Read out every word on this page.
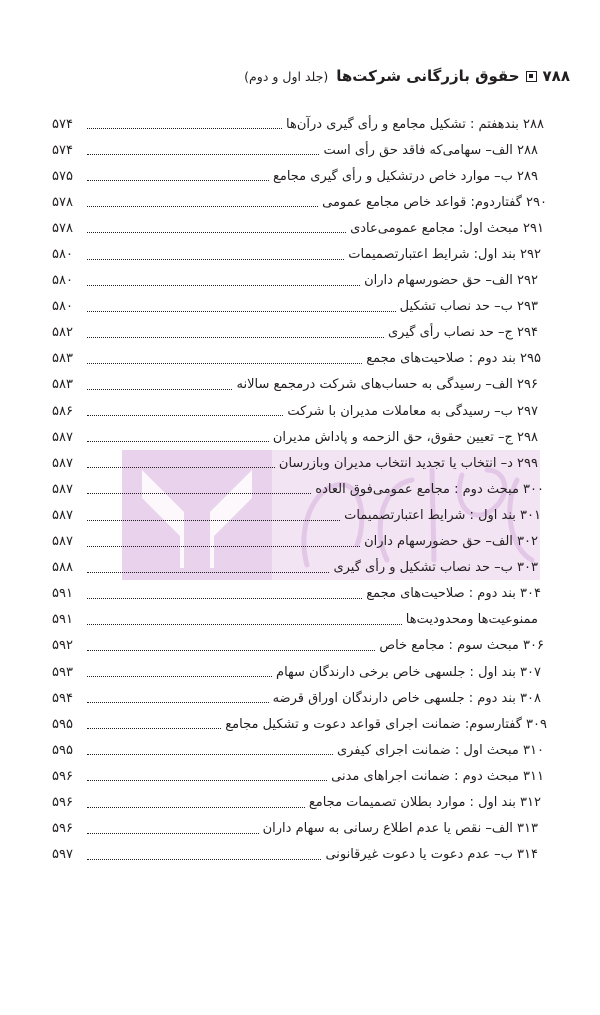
۷۸۸
حقوق بازرگانی شرکت‌ها
(جلد اول و دوم)
۲۸۸ بندهفتم : تشکیل مجامع و رأی گیری درآن‌ها
۵۷۴
۲۸۸ الف– سهامی‌که فاقد حق رأی است
۵۷۴
۲۸۹ ب– موارد خاص درتشکیل و رأی گیری مجامع
۵۷۵
۲۹۰ گفتاردوم: قواعد خاص مجامع عمومی
۵۷۸
۲۹۱ مبحث اول: مجامع عمومی‌عادی
۵۷۸
۲۹۲ بند اول: شرایط اعتبارتصمیمات
۵۸۰
۲۹۲ الف– حق حضورسهام داران
۵۸۰
۲۹۳ ب– حد نصاب تشکیل
۵۸۰
۲۹۴ ج– حد نصاب رأی گیری
۵۸۲
۲۹۵ بند دوم : صلاحیت‌های مجمع
۵۸۳
۲۹۶ الف– رسیدگی به حساب‌های شرکت درمجمع سالانه
۵۸۳
۲۹۷ ب– رسیدگی به معاملات مدیران با شرکت
۵۸۶
۲۹۸ ج– تعیین حقوق، حق الزحمه و پاداش مدیران
۵۸۷
۲۹۹ د– انتخاب یا تجدید انتخاب مدیران وبازرسان
۵۸۷
۳۰۰ مبحث دوم : مجامع عمومی‌فوق العاده
۵۸۷
۳۰۱ بند اول : شرایط اعتبارتصمیمات
۵۸۷
۳۰۲ الف– حق حضورسهام داران
۵۸۷
۳۰۳ ب– حد نصاب تشکیل و رأی گیری
۵۸۸
۳۰۴ بند دوم : صلاحیت‌های مجمع
۵۹۱
ممنوعیت‌ها ومحدودیت‌ها
۵۹۱
۳۰۶ مبحث سوم : مجامع خاص
۵۹۲
۳۰۷ بند اول : جلسهی خاص برخی دارندگان سهام
۵۹۳
۳۰۸ بند دوم : جلسهی خاص دارندگان اوراق قرضه
۵۹۴
۳۰۹ گفتارسوم: ضمانت اجرای قواعد دعوت و تشکیل مجامع
۵۹۵
۳۱۰ مبحث اول : ضمانت اجرای کیفری
۵۹۵
۳۱۱ مبحث دوم : ضمانت اجراهای مدنی
۵۹۶
۳۱۲ بند اول : موارد بطلان تصمیمات مجامع
۵۹۶
۳۱۳ الف– نقص یا عدم اطلاع رسانی به سهام داران
۵۹۶
۳۱۴ ب– عدم دعوت یا دعوت غیرقانونی
۵۹۷
